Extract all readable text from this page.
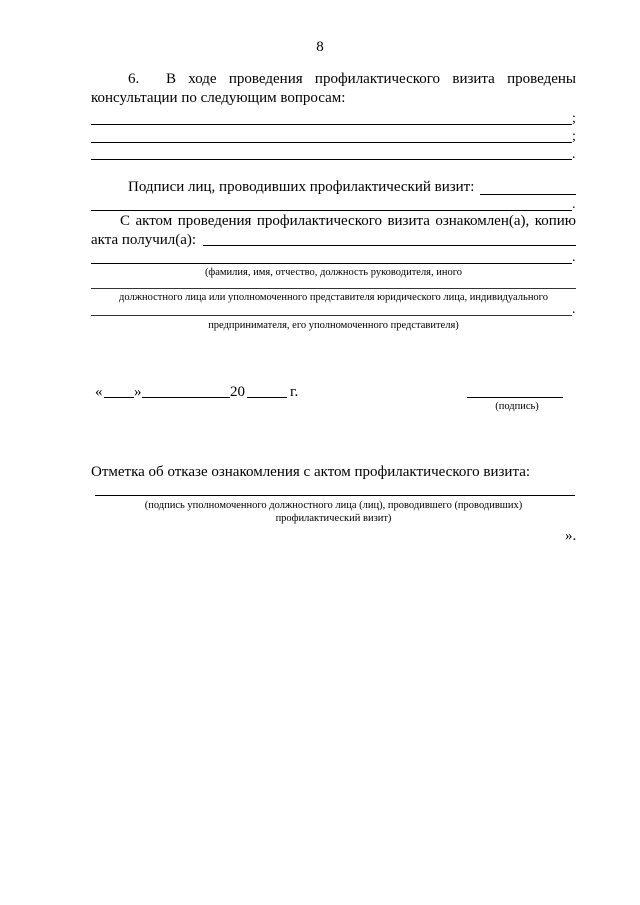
8
6. В ходе проведения профилактического визита проведены
консультации по следующим вопросам:
;
;
.
Подписи лиц, проводивших профилактический визит:
.
С актом проведения профилактического визита ознакомлен(а), копию
акта получил(а):
.
(фамилия, имя, отчество, должность руководителя, иного
должностного лица или уполномоченного представителя юридического лица, индивидуального
.
предпринимателя, его уполномоченного представителя)
« »	20	г.
(подпись)
Отметка об отказе ознакомления с актом профилактического визита:
(подпись уполномоченного должностного лица (лиц), проводившего (проводивших)
профилактический визит)
».
